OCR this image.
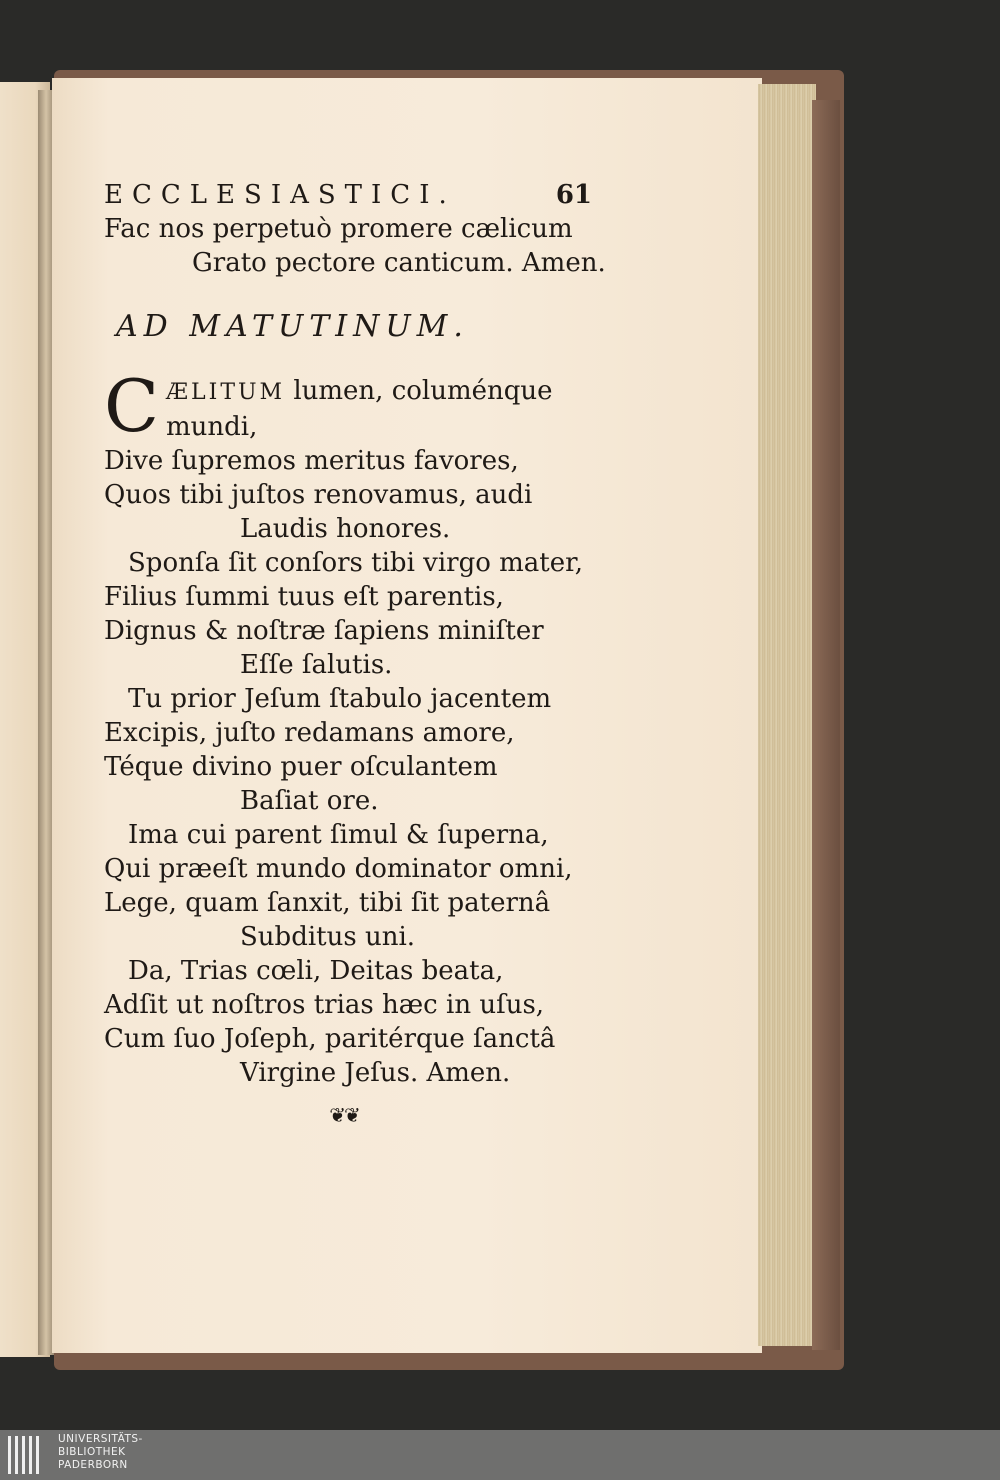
ECCLESIASTICI.	61
Fac nos perpetuò promere cælicum
Grato pectore canticum. Amen.
AD MATUTINUM.
C ÆLITUM lumen, columénque
mundi,
Dive ſupremos meritus favores,
Quos tibi juſtos renovamus, audi
Laudis honores.
Sponſa ſit conſors tibi virgo mater,
Filius ſummi tuus eſt parentis,
Dignus & noſtræ ſapiens miniſter
Eſſe ſalutis.
Tu prior Jeſum ſtabulo jacentem
Excipis, juſto redamans amore,
Téque divino puer oſculantem
Baſiat ore.
Ima cui parent ſimul & ſuperna,
Qui præeſt mundo dominator omni,
Lege, quam ſanxit, tibi ſit paternâ
Subditus uni.
Da, Trias cœli, Deitas beata,
Adſit ut noſtros trias hæc in uſus,
Cum ſuo Joſeph, paritérque ſanctâ
Virgine Jeſus. Amen.
❦❦
UNIVERSITÄTS-
BIBLIOTHEK
PADERBORN
